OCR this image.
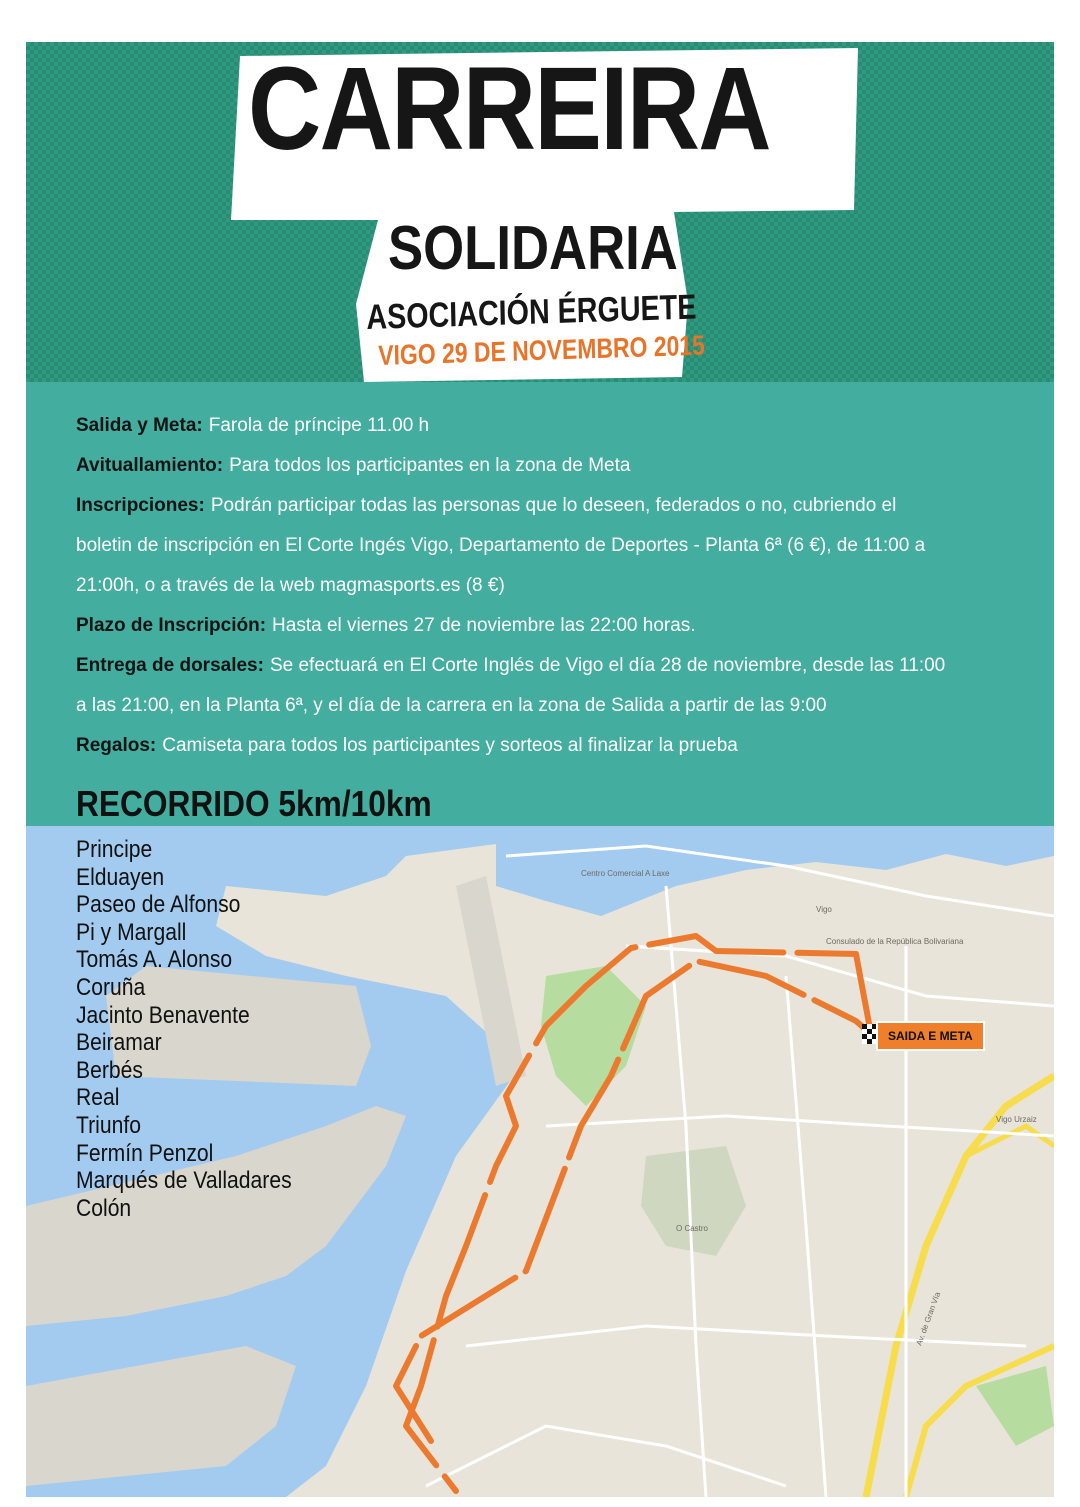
CARREIRA
SOLIDARIA
ASOCIACIÓN ÉRGUETE
VIGO 29 DE NOVEMBRO 2015
Salida y Meta: Farola de príncipe 11.00 h
Avituallamiento: Para todos los participantes en la zona de Meta
Inscripciones: Podrán participar todas las personas que lo deseen, federados o no, cubriendo el
boletin de inscripción en El Corte Ingés Vigo, Departamento de Deportes - Planta 6ª (6 €), de 11:00 a
21:00h, o a través de la web magmasports.es (8 €)
Plazo de Inscripción: Hasta el viernes 27 de noviembre las 22:00 horas.
Entrega de dorsales: Se efectuará en El Corte Inglés de Vigo el día 28 de noviembre, desde las 11:00
a las 21:00, en la Planta 6ª, y el día de la carrera en la zona de Salida a partir de las 9:00
Regalos: Camiseta para todos los participantes y sorteos al finalizar la prueba
RECORRIDO 5km/10km
Vigo
Centro Comercial A Laxe
Consulado de la República Bolivariana
O Castro
Vigo Urzaiz
Av. de Gran Vía
SAIDA E META
Principe
Elduayen
Paseo de Alfonso
Pi y Margall
Tomás A. Alonso
Coruña
Jacinto Benavente
Beiramar
Berbés
Real
Triunfo
Fermín Penzol
Marqués de Valladares
Colón
